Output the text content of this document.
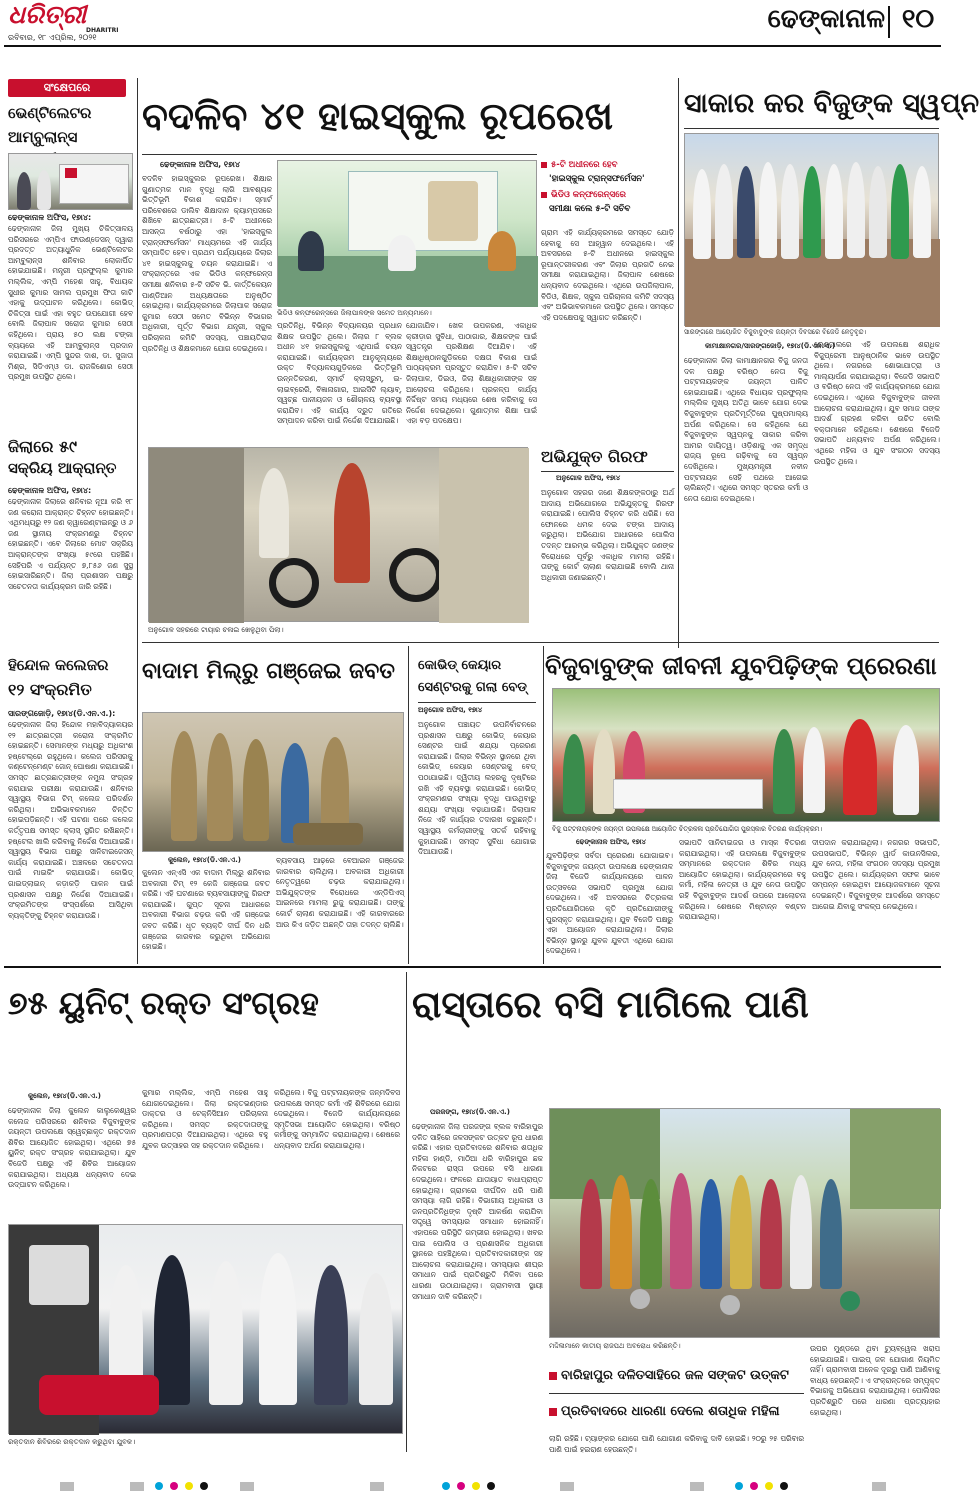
ଧରିତ୍ରୀ
DHARITRI
ରବିବାର, ୧୮ ଏପ୍ରିଲ, ୨୦୨୧
ଢେଙ୍କାନାଳ ୧୦
ସଂକ୍ଷେପରେ
ଭେଣ୍ଟିଲେଟର ଆମ୍ବୁଲାନ୍ସ
ଢେଙ୍କାନାଳ ଅଫିସ, ୧୭ା୪:
ଢେଙ୍କାନାଳ ଜିଲା ମୁଖ୍ୟ ଚିକିତ୍ସାଳୟ ପରିସରରେ ଏମ୍‌ପିଏ ଫାଉଣ୍ଡେସନ୍ ଦ୍ୱାରା ପ୍ରଦତ୍ତ ଅତ୍ୟାଧୁନିକ ଭେଣ୍ଟିଲେଟର ଆମ୍ବୁଲାନ୍ସ ଶନିବାର ଲୋକାର୍ପିତ ହୋଇଯାଇଛି। ମନ୍ତ୍ରୀ ପ୍ରଫୁଲ୍ଲ କୁମାର ମଲ୍ଲିକ, ଏମ୍‌ପି ମହେଶ ସାହୁ, ବିଧାୟକ ସୁଧୀର କୁମାର ସାମଲ ପ୍ରମୁଖ ଫିତା କାଟି ଏହାକୁ ଉଦ୍‌ଘାଟନ କରିଥିଲେ। କୋଭିଡ୍ ଚିକିତ୍ସା ପାଇଁ ଏହା ବହୁତ ଉପଯୋଗୀ ହେବ ବୋଲି ଜିଲାପାଳ ସରୋଜ କୁମାର ସେଠୀ କହିଥିଲେ। ପ୍ରାୟ ୫୦ ଲକ୍ଷ ଟଙ୍କା ବ୍ୟୟରେ ଏହି ଆମ୍ବୁଲାନ୍ସ ପ୍ରଦାନ କରାଯାଇଛି। ଏମ୍‌ପି ସୁନ୍ଦର ଦାଶ, ଡା. ସୁଜାତା ମିଶ୍ର, ସିଡିଏମ୍‌ଓ ଡା. ରାଜକିଶୋର ସେଠୀ ପ୍ରମୁଖ ଉପସ୍ଥିତ ଥିଲେ।
ଜିଲାରେ ୫୯
ସକ୍ରିୟ ଆକ୍ରାନ୍ତ
ଢେଙ୍କାନାଳ ଅଫିସ, ୧୭ା୪:
ଢେଙ୍କାନାଳ ଜିଲାରେ ଶନିବାର ନୂଆ କରି ୧୮ ଜଣ କରୋନା ଆକ୍ରାନ୍ତ ଚିହ୍ନଟ ହୋଇଛନ୍ତି। ଏଥିମଧ୍ୟରୁ ୧୨ ଜଣ କ୍ୱାରେଣ୍ଟାଇନ୍‌ରୁ ଓ ୬ ଜଣ ସ୍ଥାନୀୟ ସଂକ୍ରମଣରୁ ଚିହ୍ନଟ ହୋଇଛନ୍ତି। ଏବେ ଜିଲାରେ ମୋଟ ସକ୍ରିୟ ଆକ୍ରାନ୍ତଙ୍କ ସଂଖ୍ୟା ୫୯ରେ ପହଞ୍ଚିଛି। ସେହିପରି ଏ ପର୍ଯ୍ୟନ୍ତ ୭,୮୫୬ ଜଣ ସୁସ୍ଥ ହୋଇସାରିଛନ୍ତି। ଜିଲା ପ୍ରଶାସନ ପକ୍ଷରୁ ସଚେତନତା କାର୍ଯ୍ୟକ୍ରମ ଜାରି ରହିଛି।
ହିନ୍ଦୋଳ କଲେଜର
୧୨ ସଂକ୍ରମିତ
ସାରଙ୍ଗଜୋଡ଼ି, ୧୭ା୪(ଡି.ଏନ.ଏ.):
ଢେଙ୍କାନାଳ ଜିଲା ହିନ୍ଦୋଳ ମହାବିଦ୍ୟାଳୟର ୧୨ ଛାତ୍ରଛାତ୍ରୀ କରୋନା ସଂକ୍ରମିତ ହୋଇଛନ୍ତି। ସେମାନଙ୍କ ମଧ୍ୟରୁ ଅଧିକାଂଶ ହଷ୍ଟେଲ୍‌ରେ ରହୁଥିଲେ। କଲେଜ ପରିସରକୁ କଣ୍ଟେନ୍‌ମେଣ୍ଟ ଜୋନ୍ ଘୋଷଣା କରାଯାଇଛି। ସମସ୍ତ ଛାତ୍ରଛାତ୍ରୀଙ୍କ ନମୁନା ସଂଗ୍ରହ କରାଯାଇ ପରୀକ୍ଷା କରାଯାଉଛି। ଶନିବାର ସ୍ୱାସ୍ଥ୍ୟ ବିଭାଗ ଟିମ୍ କଲେଜ ପରିଦର୍ଶନ କରିଥିଲା। ଅଭିଭାବକମାନେ ଚିନ୍ତିତ ହୋଇପଡ଼ିଛନ୍ତି। ଏହି ଘଟଣା ପରେ କଲେଜ କର୍ତ୍ତୃପକ୍ଷ ସମସ୍ତ କ୍ଲାସ୍ ସ୍ଥଗିତ ରଖିଛନ୍ତି। ହଷ୍ଟେଲ ଖାଲି କରିବାକୁ ନିର୍ଦ୍ଦେଶ ଦିଆଯାଇଛି। ସ୍ୱାସ୍ଥ୍ୟ ବିଭାଗ ପକ୍ଷରୁ ସାନିଟାଇଜେସନ୍ କାର୍ଯ୍ୟ କରାଯାଇଛି। ଅଞ୍ଚଳରେ ସଚେତନତା ପାଇଁ ମାଇକିଂ କରାଯାଉଛି। କୋଭିଡ୍ ଗାଇଡ୍‌ଲାଇନ୍ କଡ଼ାକଡ଼ି ପାଳନ ପାଇଁ ପ୍ରଶାସନ ପକ୍ଷରୁ ନିର୍ଦ୍ଦେଶ ଦିଆଯାଇଛି। ସଂକ୍ରମିତଙ୍କ ସଂସ୍ପର୍ଶରେ ଆସିଥିବା ବ୍ୟକ୍ତିଙ୍କୁ ଚିହ୍ନଟ କରାଯାଉଛି।
ବଦଳିବ ୪୧ ହାଇସ୍କୁଲ ରୂପରେଖ
ଢେଙ୍କାନାଳ ଅଫିସ, ୧୭ା୪
ଭିଡିଓ କନ୍‌ଫରେନ୍ସରେ ଜିଲାପାଳଙ୍କ ସମେତ ଅନ୍ୟମାନେ।
ବଦଳିବ ହାଇସ୍କୁଲର ରୂପରେଖ। ଶିକ୍ଷାର ଗୁଣାତ୍ମକ ମାନ ବୃଦ୍ଧି ଲାଗି ଆବଶ୍ୟକ ଭିତ୍ତିଭୂମି ବିକାଶ କରାଯିବ। ସ୍ମାର୍ଟ ପରିବେଶରେ ଡାଲିବ ଶିକ୍ଷାଦାନ କ୍ୟାମ୍ପସରେ ଶିଖିବେ ଛାତ୍ରଛାତ୍ରୀ। ୫-ଟି ଅଧୀନରେ ଆସନ୍ତା ବର୍ଷଠାରୁ ଏହା 'ହାଇସ୍କୁଲ ଟ୍ରାନ୍ସଫର୍ମେସନ' ମାଧ୍ୟମରେ ଏହି ଜାର୍ଯ୍ୟ ସମ୍ପାଦିତ ହେବ। ପ୍ରଥମ ପର୍ଯ୍ୟାୟରେ ଜିଲାର ୪୧ ହାଇସ୍କୁଲକୁ ଚୟନ କରାଯାଇଛି। ଏ ସଂକ୍ରାନ୍ତରେ ଏକ ଭିଡିଓ କନ୍‌ଫରେନ୍ସ ସମୀକ୍ଷା ଶନିବାର ୫-ଟି ସଚିବ ଭି. କାର୍ତ୍ତିକେୟନ ପାଣ୍ଡିଆନ ଅଧ୍ୟକ୍ଷତାରେ ଅନୁଷ୍ଠିତ ହୋଇଥିଲା। କାର୍ଯ୍ୟକ୍ରମରେ ଜିଲାପାଳ ସରୋଜ କୁମାର ସେଠୀ ସମେତ ବିଭିନ୍ନ ବିଭାଗର ଅଧିକାରୀ, ପୂର୍ତ୍ତ ବିଭାଗ ଯନ୍ତ୍ରୀ, ସ୍କୁଲ ପରିଚାଳନା କମିଟି ସଦସ୍ୟ, ପଞ୍ଚାୟତିରାଜ ପ୍ରତିନିଧି ଓ ଶିକ୍ଷକମାନେ ଯୋଗ ଦେଇଥିଲେ।
ପ୍ରତିନିଧି, ବିଭିନ୍ନ ବିଦ୍ୟାଳୟର ପ୍ରଧାନ ଶିକ୍ଷକ ଉପସ୍ଥିତ ଥିଲେ। ଜିଲାର ୮ ବ୍ଲକ ଅଧୀନ ୪୧ ହାଇସ୍କୁଲକୁ ଏଥିପାଇଁ ଚୟନ କରାଯାଇଛି। କାର୍ଯ୍ୟକ୍ରମ ଆନୁକୂଲ୍ୟରେ ଉକ୍ତ ବିଦ୍ୟାଳୟଗୁଡ଼ିକରେ ଭିତ୍ତିଭୂମି ଉନ୍ନତିକରଣ, ସ୍ମାର୍ଟ କ୍ଲାସ୍‌ରୁମ୍, ଇ-ଲାଇବ୍ରେରି, ବିଜ୍ଞାନାଗାର, ଆଇସିଟି ଲ୍ୟାବ୍, ସ୍ୱଚ୍ଛ ପାନୀୟଜଳ ଓ ଶୌଚାଳୟ ବ୍ୟବସ୍ଥା କରାଯିବ। ଏହି କାର୍ଯ୍ୟ ଦ୍ରୁତ ଗତିରେ ସମ୍ପାଦନ କରିବା ପାଇଁ ନିର୍ଦ୍ଦେଶ ଦିଆଯାଇଛି।
ଯୋଜାଯିବ। ଖେଳ ଉପକରଣ, ଏକାଧିକ କ୍ରୀଡ଼ାର ସୁବିଧା, ପାଠାଗାର, ଶିକ୍ଷକଙ୍କ ପାଇଁ ସ୍ୱତନ୍ତ୍ର ପ୍ରଶିକ୍ଷଣ ଦିଆଯିବ। ଏହି ଶିକ୍ଷାଧିଷ୍ଠାନଗୁଡ଼ିକରେ ଦକ୍ଷତା ବିକାଶ ପାଇଁ ପାଠ୍ୟକ୍ରମ ପ୍ରସ୍ତୁତ କରାଯିବ। ୫-ଟି ସଚିବ ଜିଲାପାଳ, ଡିଇଓ, ଜିଲା ଶିକ୍ଷାଧିକାରୀଙ୍କ ସହ ଆଲୋଚନା କରିଥିଲେ। ପ୍ରକଳ୍ପ କାର୍ଯ୍ୟ ନିର୍ଦ୍ଦିଷ୍ଟ ସମୟ ମଧ୍ୟରେ ଶେଷ କରିବାକୁ ସେ ନିର୍ଦ୍ଦେଶ ଦେଇଥିଲେ। ଗୁଣାତ୍ମକ ଶିକ୍ଷା ପାଇଁ ଏହା ବଡ଼ ପଦକ୍ଷେପ।
୫-ଟି ଅଧୀନରେ ହେବ
'ହାଇସ୍କୁଲ ଟ୍ରାନ୍ସଫର୍ମେସନ'
ଭିଡିଓ କନ୍‌ଫରେନ୍ସରେ
ସମୀକ୍ଷା କଲେ ୫-ଟି ସଚିବ
ଗ୍ରାମ ଏହି କାର୍ଯ୍ୟକ୍ରମରେ ସମସ୍ତେ ଯୋଡ଼ି ହେବାକୁ ସେ ଆହ୍ୱାନ ଦେଇଥିଲେ। ଏହି ଅବସରରେ ୫-ଟି ଅଧୀନରେ ହାଇସ୍କୁଲ ରୂପାନ୍ତରୀକରଣ ଏବଂ ଜିଲାର ପ୍ରଗତି ନେଇ ସମୀକ୍ଷା କରାଯାଇଥିଲା। ଜିଲାପାଳ ଶେଷରେ ଧନ୍ୟବାଦ ଦେଇଥିଲେ। ଏଥିରେ ଉପଜିଲାପାଳ, ବିଡିଓ, ଶିକ୍ଷକ, ସ୍କୁଲ ପରିଚାଳନା କମିଟି ସଦସ୍ୟ ଏବଂ ଅଭିଭାବକମାନେ ଉପସ୍ଥିତ ଥିଲେ। ସମସ୍ତେ ଏହି ପଦକ୍ଷେପକୁ ସ୍ୱାଗତ କରିଛନ୍ତି।
ଅନୁଗୋଳ ସହରରେ ଟାୟାର ଚଳାଇ ଖେଳୁଥିବା ପିଲା।
ସାକାର କର ବିଜୁଙ୍କ ସ୍ୱପ୍ନ
ସାରଙ୍ଗରେ ଆୟୋଜିତ ବିଜୁବାବୁଙ୍କ ଜୟନ୍ତୀ ଦିବସରେ ବିଜେଡି ନେତୃବୃନ୍ଦ।
କାମାକ୍ଷାନଗର/ସାରଙ୍ଗଜୋଡ଼ି, ୧୭ା୪(ଡି.ଏନ.ଏ.)
ଢେଙ୍କାନାଳ ଜିଲା କାମାକ୍ଷାନଗର ବିଜୁ ଜନତା ଦଳ ପକ୍ଷରୁ ବରିଷ୍ଠ ନେତା ବିଜୁ ପଟ୍ଟନାୟକଙ୍କ ଜୟନ୍ତୀ ପାଳିତ ହୋଇଯାଇଛି। ଏଥିରେ ବିଧାୟକ ପ୍ରଫୁଲ୍ଲ ମଲ୍ଲିକ ମୁଖ୍ୟ ଅତିଥି ଭାବେ ଯୋଗ ଦେଇ ବିଜୁବାବୁଙ୍କ ପ୍ରତିମୂର୍ତ୍ତିରେ ପୁଷ୍ପମାଲ୍ୟ ଅର୍ପଣ କରିଥିଲେ। ସେ କହିଥିଲେ ଯେ ବିଜୁବାବୁଙ୍କ ସ୍ୱପ୍ନକୁ ସାକାର କରିବା ଆମର ଦାୟିତ୍ୱ। ଓଡ଼ିଶାକୁ ଏକ ସମୃଦ୍ଧ ରାଜ୍ୟ ରୂପେ ଗଢ଼ିବାକୁ ସେ ସ୍ୱପ୍ନ ଦେଖିଥିଲେ। ମୁଖ୍ୟମନ୍ତ୍ରୀ ନବୀନ ପଟ୍ଟନାୟକ ସେହି ପଥରେ ଆଗେଇ ଚାଲିଛନ୍ତି। ଏଥିରେ ସମସ୍ତ ସ୍ତରର କର୍ମୀ ଓ ନେତା ଯୋଗ ଦେଇଥିଲେ।
ରେଣ୍ଟାଲରେ ଏହି ଉପଲକ୍ଷେ ଶରାଧିକ ବିଜୁପ୍ରେମୀ ଆନୁଷ୍ଠାନିକ ଭାବେ ଉପସ୍ଥିତ ଥିଲେ। ନଗରରେ ଶୋଭାଯାତ୍ରା ଓ ମାଲ୍ୟାର୍ପଣ କରାଯାଇଥିଲା। ବିଜେଡି ସଭାପତି ଓ ବରିଷ୍ଠ ନେତା ଏହି କାର୍ଯ୍ୟକ୍ରମରେ ଯୋଗ ଦେଇଥିଲେ। ଏଥିରେ ବିଜୁବାବୁଙ୍କ ଜୀବନୀ ଆଲୋଚନା କରାଯାଇଥିଲା। ଯୁବ ସମାଜ ତାଙ୍କ ଆଦର୍ଶ ଗ୍ରହଣ କରିବା ଉଚିତ ବୋଲି ବକ୍ତାମାନେ କହିଥିଲେ। ଶେଷରେ ବିଜେଡି ସଭାପତି ଧନ୍ୟବାଦ ଅର୍ପଣ କରିଥିଲେ। ଏଥିରେ ମହିଳା ଓ ଯୁବ ସଂଗଠନ ସଦସ୍ୟ ଉପସ୍ଥିତ ଥିଲେ।
ଅଭିଯୁକ୍ତ ଗିରଫ
ଅନୁଗୋଳ ଅଫିସ, ୧୭ା୪
ଅନୁଗୋଳ ସହରର ଜଣେ ଶିକ୍ଷକଙ୍କଠାରୁ ଅର୍ଥ ଆଦାୟ ଅଭିଯୋଗରେ ଅଭିଯୁକ୍ତକୁ ଗିରଫ କରାଯାଇଛି। ପୋଲିସ ଚିହ୍ନଟ କରି ଧରିଛି। ସେ ଫୋନରେ ଧମକ ଦେଇ ଟଙ୍କା ଆଦାୟ କରୁଥିଲା। ଅଭିଯୋଗ ଆଧାରରେ ପୋଲିସ ତଦନ୍ତ ଆରମ୍ଭ କରିଥିଲା। ଅଭିଯୁକ୍ତ ଜଣଙ୍କ ବିରୋଧରେ ପୂର୍ବରୁ ଏକାଧିକ ମାମଲା ରହିଛି। ତାଙ୍କୁ କୋର୍ଟ ଚାଲାଣ କରାଯାଇଛି ବୋଲି ଥାନା ଅଧିକାରୀ ଜଣାଇଛନ୍ତି।
ବିଜୁବାବୁଙ୍କ ଜୀବନୀ ଯୁବପିଢ଼ିଙ୍କ ପ୍ରେରଣା
ବିଜୁ ପଟ୍ଟନାୟକଙ୍କ ଜୟନ୍ତୀ ଉପଲକ୍ଷେ ଆୟୋଜିତ ଚିତ୍ରକଳା ପ୍ରତିଯୋଗିତା ପୁରସ୍କାର ବିତରଣ କାର୍ଯ୍ୟକ୍ରମ।
ଢେଙ୍କାନାଳ ଅଫିସ, ୧୭ା୪
ଯୁବପିଢ଼ିଙ୍କ ସର୍ବଦା ପ୍ରେରଣା ଯୋଗାଇବ। ବିଜୁବାବୁଙ୍କ ଜୟନ୍ତୀ ଉପଲକ୍ଷେ ଢେଙ୍କାନାଳ ଜିଲା ବିଜେଡି କାର୍ଯ୍ୟାଳୟରେ ପାଳନ ଉତ୍ସବରେ ସଭାପତି ପ୍ରମୁଖ ଯୋଗ ଦେଇଥିଲେ। ଏହି ଅବସରରେ ଚିତ୍ରକଳା ପ୍ରତିଯୋଗିତାରେ କୃତି ପ୍ରତିଯୋଗୀଙ୍କୁ ପୁରସ୍କୃତ କରାଯାଇଥିଲା। ଯୁବ ବିଜେଡି ପକ୍ଷରୁ ଏହା ଆୟୋଜନ କରାଯାଇଥିଲା। ଜିଲାର ବିଭିନ୍ନ ସ୍ଥାନରୁ ଯୁବକ ଯୁବତୀ ଏଥିରେ ଯୋଗ ଦେଇଥିଲେ।
ସଭାପତି ସାନିଟାଇଜର ଓ ମାସ୍କ ବିତରଣ କରାଯାଇଥିଲା। ଏହି ଉପଲକ୍ଷେ ବିଜୁବାବୁଙ୍କ ସମ୍ମାନରେ ରକ୍ତଦାନ ଶିବିର ମଧ୍ୟ ଆୟୋଜିତ ହୋଇଥିଲା। କାର୍ଯ୍ୟକ୍ରମରେ ବହୁ କର୍ମୀ, ମହିଳା ନେତ୍ରୀ ଓ ଯୁବ ନେତା ଉପସ୍ଥିତ ରହି ବିଜୁବାବୁଙ୍କ ଆଦର୍ଶ ଉପରେ ଆଲୋଚନା କରିଥିଲେ। ଶେଷରେ ମିଷ୍ଟାନ୍ନ ବଣ୍ଟନ କରାଯାଇଥିଲା।
ଦୀପଦାନ କରାଯାଇଥିଲା। ନଗରର ସଭାପତି, ଉପସଭାପତି, ବିଭିନ୍ନ ୱାର୍ଡ କାଉନସିଲର, ଯୁବ ନେତା, ମହିଳା ସଂଗଠନ ସଦସ୍ୟା ପ୍ରମୁଖ ଉପସ୍ଥିତ ଥିଲେ। କାର୍ଯ୍ୟକ୍ରମ ସଫଳ ଭାବେ ସମ୍ପନ୍ନ ହୋଇଥିବା ଆୟୋଜକମାନେ ସୂଚନା ଦେଇଛନ୍ତି। ବିଜୁବାବୁଙ୍କ ଆଦର୍ଶରେ ସମସ୍ତେ ଆଗେଇ ଯିବାକୁ ସଂକଳ୍ପ ନେଇଥିଲେ।
ବାଦାମ ମିଲ୍‌ରୁ ଗଞ୍ଜେଇ ଜବତ
କୁଲେନ, ୧୭ା୪(ଡି.ଏନ.ଏ.)
କୁଲେନ ଏନ୍‌ଏସି ଏକ ବାଦାମ ମିଲ୍‌ରୁ ଶନିବାର ଅବକାରୀ ଟିମ୍ ୧୨ କେଜି ଗଞ୍ଜେଇ ଜବତ କରିଛି। ଏହି ଘଟଣାରେ ବ୍ୟବସାୟୀଙ୍କୁ ଗିରଫ କରାଯାଇଛି। ଗୁପ୍ତ ସୂଚନା ଆଧାରରେ ଅବକାରୀ ବିଭାଗ ଚଢ଼ଉ କରି ଏହି ଗଞ୍ଜେଇ ଜବତ କରିଛି। ଧୃତ ବ୍ୟକ୍ତି ଦୀର୍ଘ ଦିନ ଧରି ଗଞ୍ଜେଇ କାରବାର କରୁଥିବା ଅଭିଯୋଗ ହୋଇଛି।
ବ୍ୟବସାୟ ଆଢ଼ରେ ବେଆଇନ ଗଞ୍ଜେଇ କାରବାର ଚାଲିଥିଲା। ଅବକାରୀ ଅଧିକାରୀ ନେତୃତ୍ୱରେ ଚଢ଼ଉ କରାଯାଇଥିଲା। ଅଭିଯୁକ୍ତଙ୍କ ବିରୋଧରେ ଏନ୍‌ଡିପିଏସ୍ ଆଇନରେ ମାମଲା ରୁଜୁ କରାଯାଇଛି। ତାଙ୍କୁ କୋର୍ଟ ଚାଲାଣ କରାଯାଇଛି। ଏହି କାରବାରରେ ଆଉ କିଏ ଜଡ଼ିତ ଅଛନ୍ତି ତାହା ତଦନ୍ତ ଚାଲିଛି।
କୋଭିଡ୍ କେୟାର
ସେଣ୍ଟରକୁ ଗଲା ବେଡ୍
ଅନୁଗୋଳ ଅଫିସ, ୧୭ା୪
ଅନୁଗୋଳ ପଞ୍ଚାୟତ ଉପନିର୍ବାଚନରେ ପ୍ରଶାସନ ପକ୍ଷରୁ କୋଭିଡ୍ କେୟାର ସେଣ୍ଟର ପାଇଁ ଶଯ୍ୟା ପ୍ରେରଣ କରାଯାଇଛି। ଜିଲାର ବିଭିନ୍ନ ସ୍ଥାନରେ ଥିବା କୋଭିଡ୍ କେୟାର ସେଣ୍ଟରକୁ ବେଡ୍ ପଠାଯାଇଛି। ଦ୍ୱିତୀୟ ଲହରକୁ ଦୃଷ୍ଟିରେ ରଖି ଏହି ବ୍ୟବସ୍ଥା କରାଯାଇଛି। କୋଭିଡ୍ ସଂକ୍ରମଣର ସଂଖ୍ୟା ବୃଦ୍ଧି ପାଉଥିବାରୁ ଶଯ୍ୟା ସଂଖ୍ୟା ବଢ଼ାଯାଉଛି। ଜିଲାପାଳ ନିଜେ ଏହି କାର୍ଯ୍ୟର ତଦାରଖ କରୁଛନ୍ତି। ସ୍ୱାସ୍ଥ୍ୟ କର୍ମଚାରୀଙ୍କୁ ସତର୍କ ରହିବାକୁ କୁହାଯାଇଛି। ସମସ୍ତ ସୁବିଧା ଯୋଗାଇ ଦିଆଯାଉଛି।
୭୫ ୟୁନିଟ୍ ରକ୍ତ ସଂଗ୍ରହ
କୁଲେନ, ୧୭ା୪(ଡି.ଏନ.ଏ.)
ଢେଙ୍କାନାଳ ଜିଲା କୁଲେନ କାଲୁକେଶ୍ୱର କଲେଜ ପରିସରରେ ଶନିବାର ବିଜୁବାବୁଙ୍କ ଜୟନ୍ତୀ ଉପଲକ୍ଷେ ସ୍ୱେଚ୍ଛାକୃତ ରକ୍ତଦାନ ଶିବିର ଆୟୋଜିତ ହୋଇଥିଲା। ଏଥିରେ ୭୫ ୟୁନିଟ୍ ରକ୍ତ ସଂଗ୍ରହ କରାଯାଇଥିଲା। ଯୁବ ବିଜେଡି ପକ୍ଷରୁ ଏହି ଶିବିର ଆୟୋଜନ କରାଯାଇଥିଲା। ଅଧ୍ୟକ୍ଷ ଧନ୍ୟବାଦ ଦେଇ ଉଦ୍‌ଘାଟନ କରିଥିଲେ।
କୁମାର ମଲ୍ଲିକ, ଏମ୍‌ପି ମହେଶ ସାହୁ ଯୋଗଦେଇଥିଲେ। ଜିଲା ରକ୍ତଭଣ୍ଡାର ଡାକ୍ତର ଓ ଟେକ୍ନିସିଆନ ପରିଚାଳନା କରିଥିଲେ। ସମସ୍ତ ରକ୍ତଦାତାଙ୍କୁ ପ୍ରମାଣପତ୍ର ଦିଆଯାଇଥିଲା। ଏଥିରେ ବହୁ ଯୁବକ ଉତ୍ସାହର ସହ ରକ୍ତଦାନ କରିଥିଲେ।
କରିଥିଲେ। ବିଜୁ ପଟ୍ଟନାୟକଙ୍କ ଜନ୍ମଦିବସ ଉପଲକ୍ଷେ ସମସ୍ତ କର୍ମୀ ଏହି ଶିବିରରେ ଯୋଗ ଦେଇଥିଲେ। ବିଜେଡି କାର୍ଯ୍ୟାଳୟରେ ସ୍ମୃତିସଭା ଆୟୋଜିତ ହୋଇଥିଲା। ବରିଷ୍ଠ କର୍ମୀଙ୍କୁ ସମ୍ମାନିତ କରାଯାଇଥିଲା। ଶେଷରେ ଧନ୍ୟବାଦ ଅର୍ପଣ କରାଯାଇଥିଲା।
ରକ୍ତଦାନ ଶିବିରରେ ରକ୍ତଦାନ କରୁଥିବା ଯୁବକ।
ରାସ୍ତାରେ ବସି ମାଗିଲେ ପାଣି
ପରଜଙ୍ଗ, ୧୭ା୪(ଡି.ଏନ.ଏ.)
ଢେଙ୍କାନାଳ ଜିଲା ପରଜଙ୍ଗ ବ୍ଲକ ବାରିହାପୁର ଦଳିତ ସାହିରେ ଜଳସଙ୍କଟ ଉତ୍କଟ ରୂପ ଧାରଣ କରିଛି। ଏହାର ପ୍ରତିବାଦରେ ଶନିବାର ଶତାଧିକ ମହିଳା ହାଣ୍ଡି, ମାଠିଆ ଧରି ବାରିହାପୁର ଛକ ନିକଟରେ ରାସ୍ତା ଉପରେ ବସି ଧାରଣା ଦେଇଥିଲେ। ଫଳରେ ଯାତାୟାତ ବାଧାପ୍ରାପ୍ତ ହୋଇଥିଲା। ଗ୍ରାମରେ ଦୀର୍ଘଦିନ ଧରି ପାଣି ସମସ୍ୟା ଲାଗି ରହିଛି। ବିଭାଗୀୟ ଅଧିକାରୀ ଓ ଜନପ୍ରତିନିଧିଙ୍କ ଦୃଷ୍ଟି ଆକର୍ଷଣ କରାଯିବା ସତ୍ତ୍ୱେ ସମସ୍ୟାର ସମାଧାନ ହୋଇନାହିଁ। ଏହାପରେ ପରିସ୍ଥିତି ଗମ୍ଭୀର ହୋଇଥିଲା। ଖବର ପାଇ ପୋଲିସ ଓ ପ୍ରଶାସନିକ ଅଧିକାରୀ ସ୍ଥାନରେ ପହଞ୍ଚିଥିଲେ। ପ୍ରତିବାଦକାରୀଙ୍କ ସହ ଆଲୋଚନା କରାଯାଇଥିଲା। ସମସ୍ୟାର ଶୀଘ୍ର ସମାଧାନ ପାଇଁ ପ୍ରତିଶ୍ରୁତି ମିଳିବା ପରେ ଧାରଣା ଉଠାଯାଇଥିଲା। ଗ୍ରାମବାସୀ ସ୍ଥାୟୀ ସମାଧାନ ଦାବି କରିଛନ୍ତି।
ମଦ୍ଦିଳାମାନେ କାତୀୟ ରାଜପଥ ଅବରୋଧ କରିଛନ୍ତି।
ବାରିହାପୁର ଦଳିତସାହିରେ ଜଳ ସଙ୍କଟ ଉତ୍କଟ
ପ୍ରତିବାଦରେ ଧାରଣା ଦେଲେ ଶତାଧିକ ମହିଳା
ଲାଗି ରହିଛି। ଟ୍ୟାଙ୍କର ଯୋଗେ ପାଣି ଯୋଗାଣ କରିବାକୁ ଦାବି ହୋଇଛି। ୨୦ରୁ ୨୫ ପରିବାର ପାଣି ପାଇଁ ହଇରାଣ ହେଉଛନ୍ତି।
ଉପର ମୁଣ୍ଡରେ ଥିବା ଟ୍ୟୁବ୍‌ୱେଲ ଖରାପ ହୋଇଯାଇଛି। ପାଇପ୍ ଜଳ ଯୋଗାଣ ନିୟମିତ ନାହିଁ। ଗ୍ରାମବାସୀ ଅନେକ ଦୂରରୁ ପାଣି ଆଣିବାକୁ ବାଧ୍ୟ ହେଉଛନ୍ତି। ଏ ସଂକ୍ରାନ୍ତରେ ସମ୍ପୃକ୍ତ ବିଭାଗକୁ ଅଭିଯୋଗ କରାଯାଇଥିଲା। ପୋଲିସର ପ୍ରତିଶ୍ରୁତି ପରେ ଧାରଣା ପ୍ରତ୍ୟାହାର ହୋଇଥିଲା।
